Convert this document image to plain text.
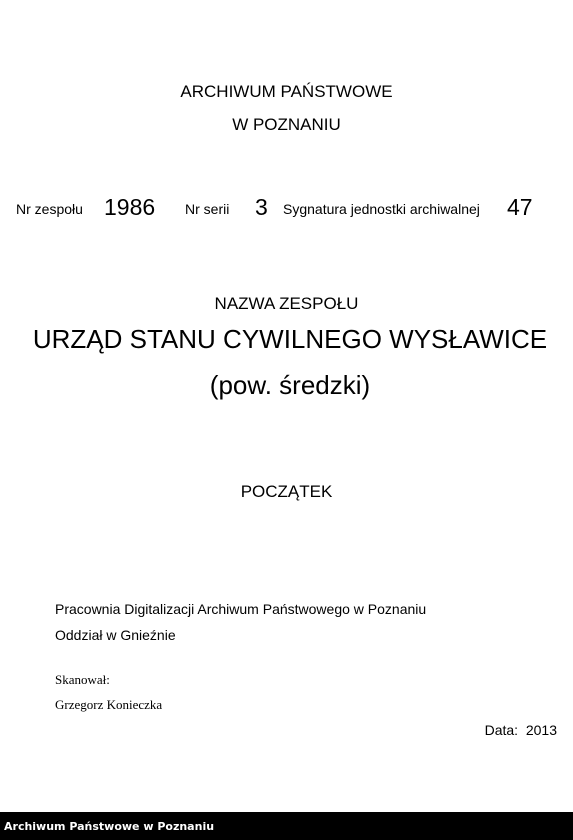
ARCHIWUM PAŃSTWOWE
W POZNANIU
Nr zespołu 1986 Nr serii 3 Sygnatura jednostki archiwalnej 47
NAZWA ZESPOŁU
URZĄD STANU CYWILNEGO WYSŁAWICE
(pow. średzki)
POCZĄTEK
Pracownia Digitalizacji Archiwum Państwowego w Poznaniu
Oddział w Gnieźnie
Skanował:
Grzegorz Konieczka
Data: 2013
Archiwum Państwowe w Poznaniu
